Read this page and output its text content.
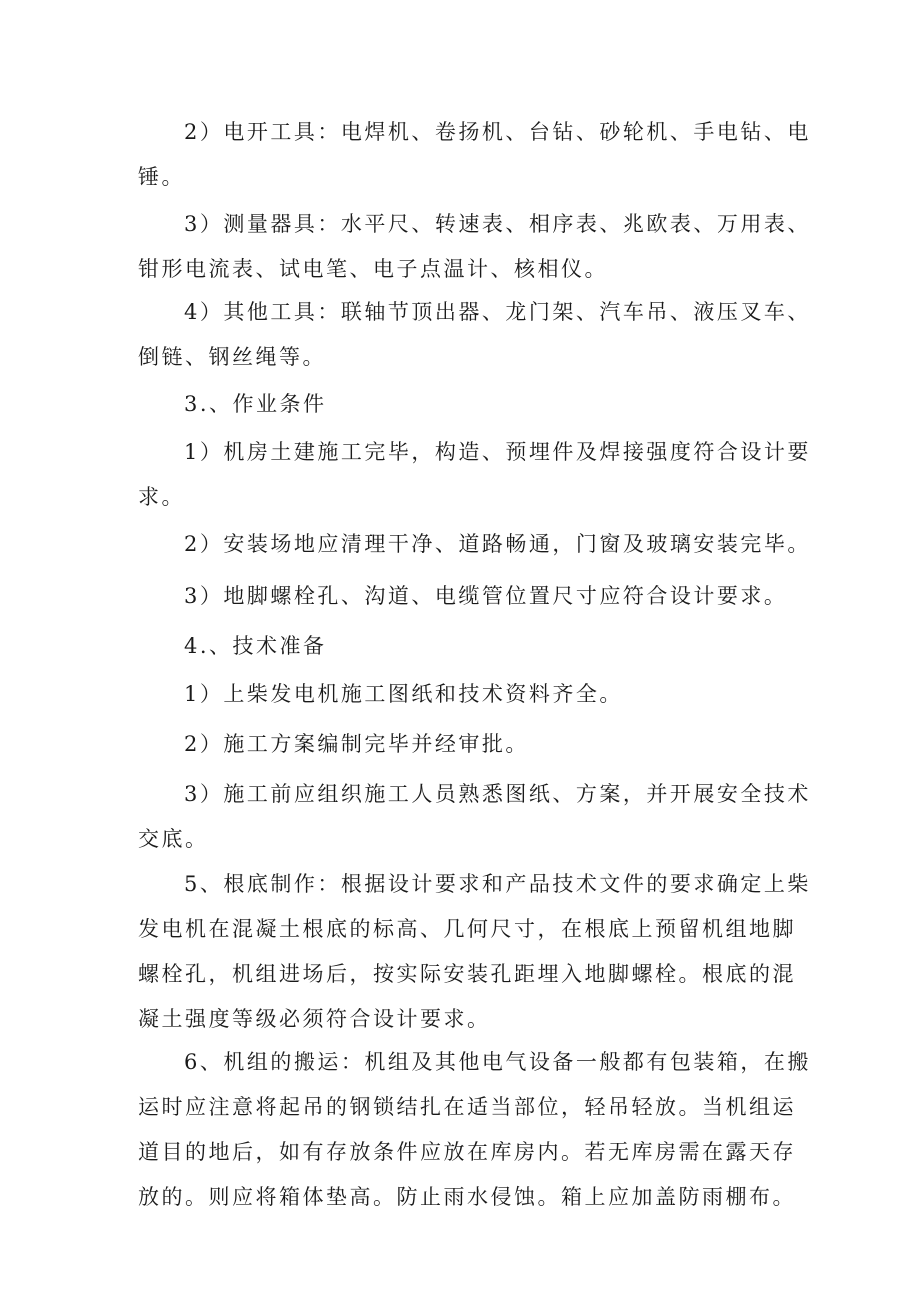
2）电开工具：电焊机、卷扬机、台钻、砂轮机、手电钻、电锤。

3）测量器具：水平尺、转速表、相序表、兆欧表、万用表、钳形电流表、试电笔、电子点温计、核相仪。

4）其他工具：联轴节顶出器、龙门架、汽车吊、液压叉车、倒链、钢丝绳等。

3.、作业条件

1）机房土建施工完毕，构造、预埋件及焊接强度符合设计要求。

2）安装场地应清理干净、道路畅通，门窗及玻璃安装完毕。

3）地脚螺栓孔、沟道、电缆管位置尺寸应符合设计要求。

4.、技术准备

1）上柴发电机施工图纸和技术资料齐全。

2）施工方案编制完毕并经审批。

3）施工前应组织施工人员熟悉图纸、方案，并开展安全技术交底。

5、根底制作：根据设计要求和产品技术文件的要求确定上柴发电机在混凝土根底的标高、几何尺寸，在根底上预留机组地脚螺栓孔，机组进场后，按实际安装孔距埋入地脚螺栓。根底的混凝土强度等级必须符合设计要求。

6、机组的搬运：机组及其他电气设备一般都有包装箱，在搬运时应注意将起吊的钢锁结扎在适当部位，轻吊轻放。当机组运道目的地后，如有存放条件应放在库房内。若无库房需在露天存放的。则应将箱体垫高。防止雨水侵蚀。箱上应加盖防雨棚布。
